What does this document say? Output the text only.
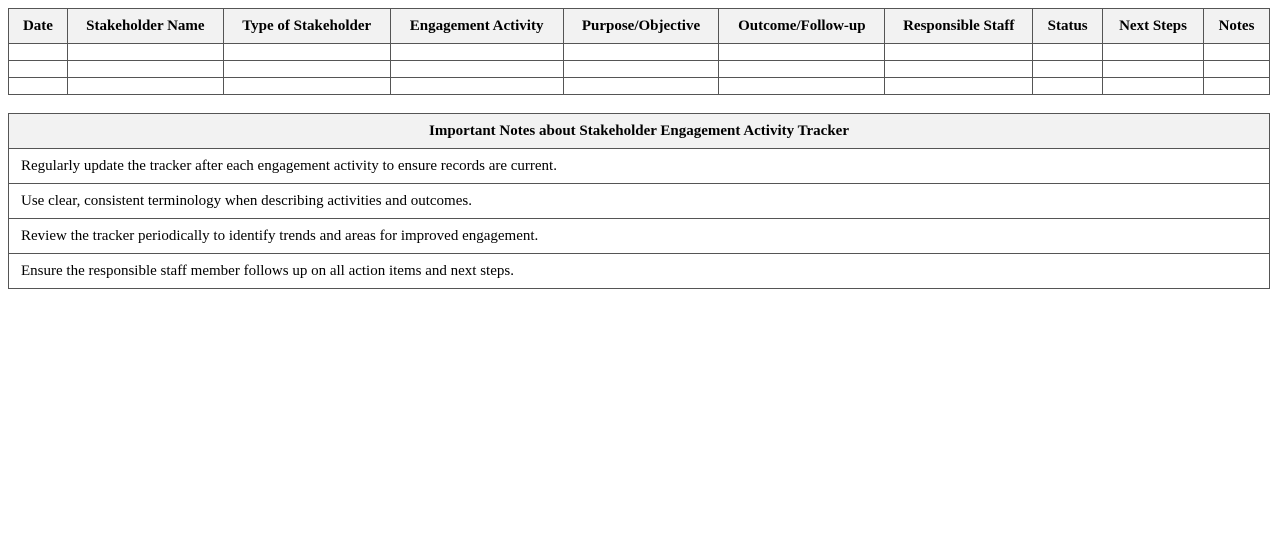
Date	Stakeholder Name	Type of Stakeholder	Engagement Activity	Purpose/Objective	Outcome/Follow-up	Responsible Staff	Status	Next Steps	Notes

Important Notes about Stakeholder Engagement Activity Tracker
Regularly update the tracker after each engagement activity to ensure records are current.
Use clear, consistent terminology when describing activities and outcomes.
Review the tracker periodically to identify trends and areas for improved engagement.
Ensure the responsible staff member follows up on all action items and next steps.
